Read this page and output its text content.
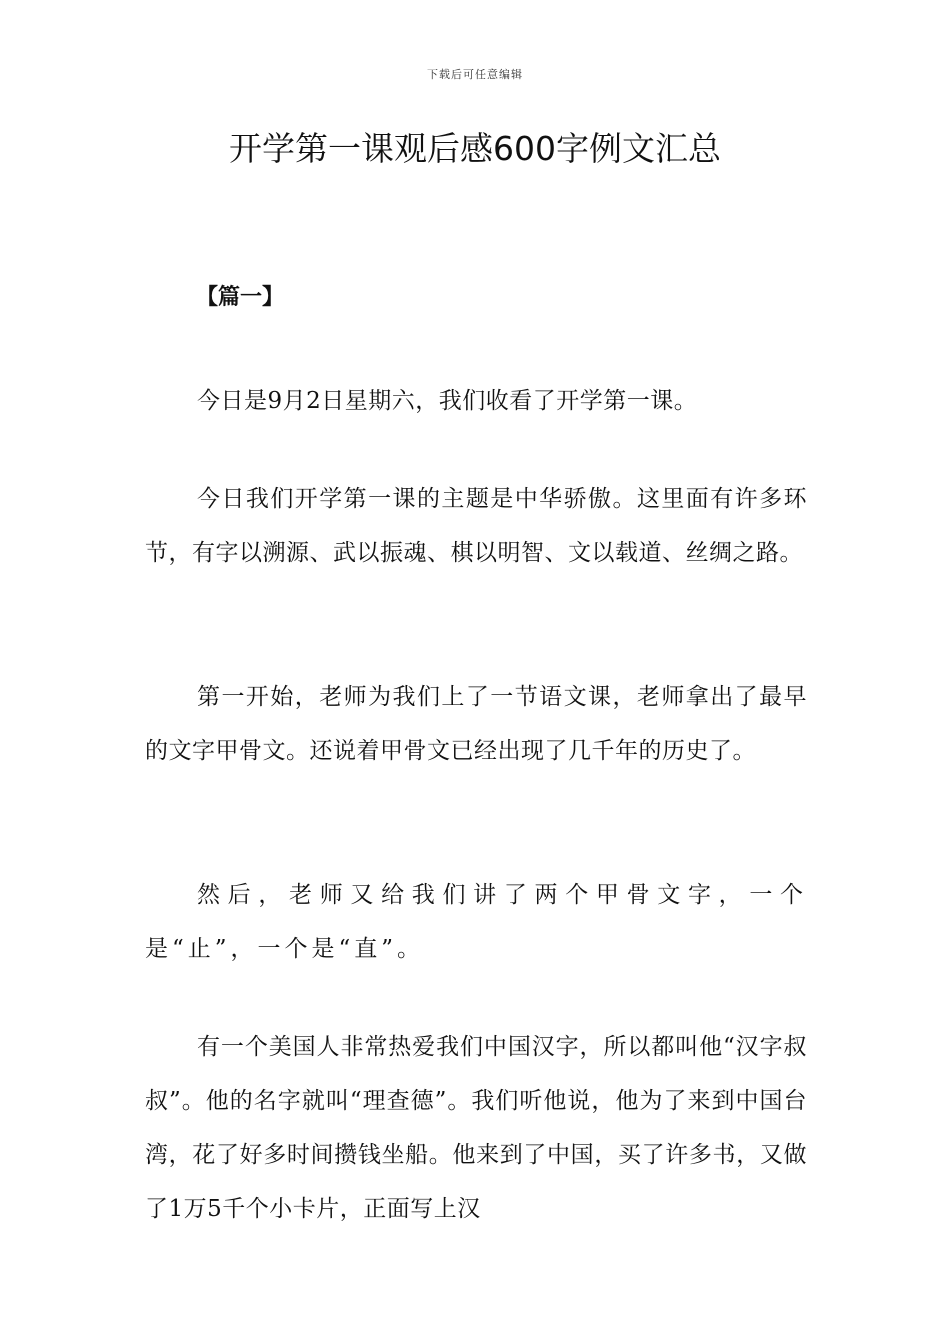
下载后可任意编辑
开学第一课观后感600字例文汇总
【篇一】

今日是9月2日星期六，我们收看了开学第一课。

今日我们开学第一课的主题是中华骄傲。这里面有许多环节，有字以溯源、武以振魂、棋以明智、文以载道、丝绸之路。

第一开始，老师为我们上了一节语文课，老师拿出了最早的文字甲骨文。还说着甲骨文已经出现了几千年的历史了。

然后，老师又给我们讲了两个甲骨文字，一个是“止”，一个是“直”。

有一个美国人非常热爱我们中国汉字，所以都叫他“汉字叔叔”。他的名字就叫“理查德”。我们听他说，他为了来到中国台湾，花了好多时间攒钱坐船。他来到了中国，买了许多书，又做了1万5千个小卡片，正面写上汉
